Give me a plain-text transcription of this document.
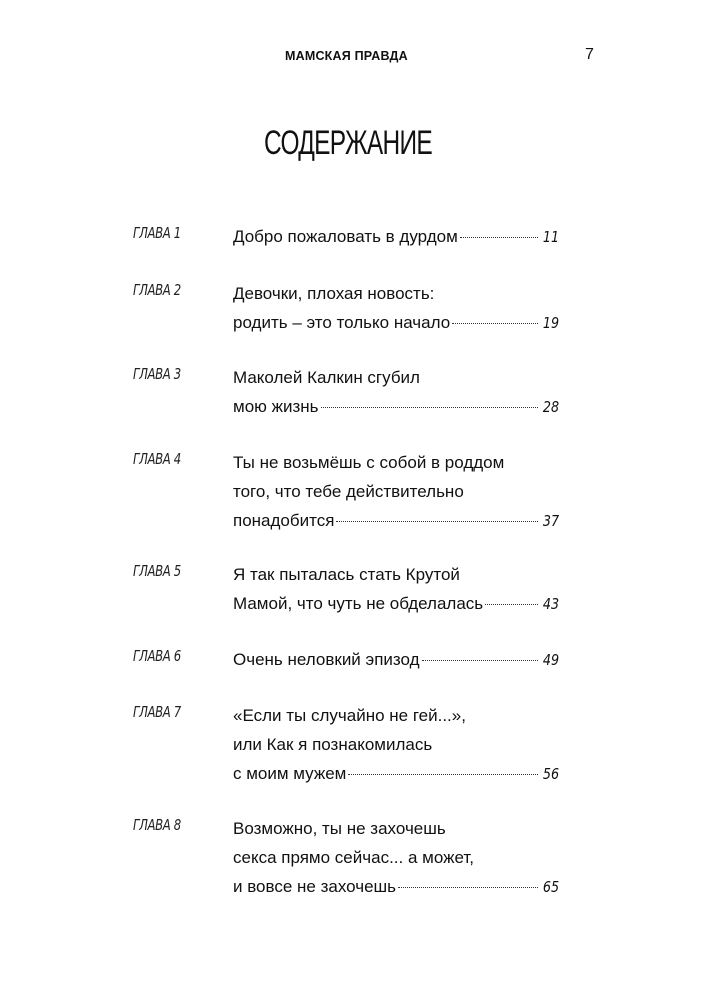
МАМСКАЯ ПРАВДА	7
СОДЕРЖАНИЕ
ГЛАВА 1	Добро пожаловать в дурдом	11
ГЛАВА 2	Девочки, плохая новость:
родить – это только начало	19
ГЛАВА 3	Маколей Калкин сгубил
мою жизнь	28
ГЛАВА 4	Ты не возьмёшь с собой в роддом
того, что тебе действительно
понадобится	37
ГЛАВА 5	Я так пыталась стать Крутой
Мамой, что чуть не обделалась	43
ГЛАВА 6	Очень неловкий эпизод	49
ГЛАВА 7	«Если ты случайно не гей...»,
или Как я познакомилась
с моим мужем	56
ГЛАВА 8	Возможно, ты не захочешь
секса прямо сейчас... а может,
и вовсе не захочешь	65
